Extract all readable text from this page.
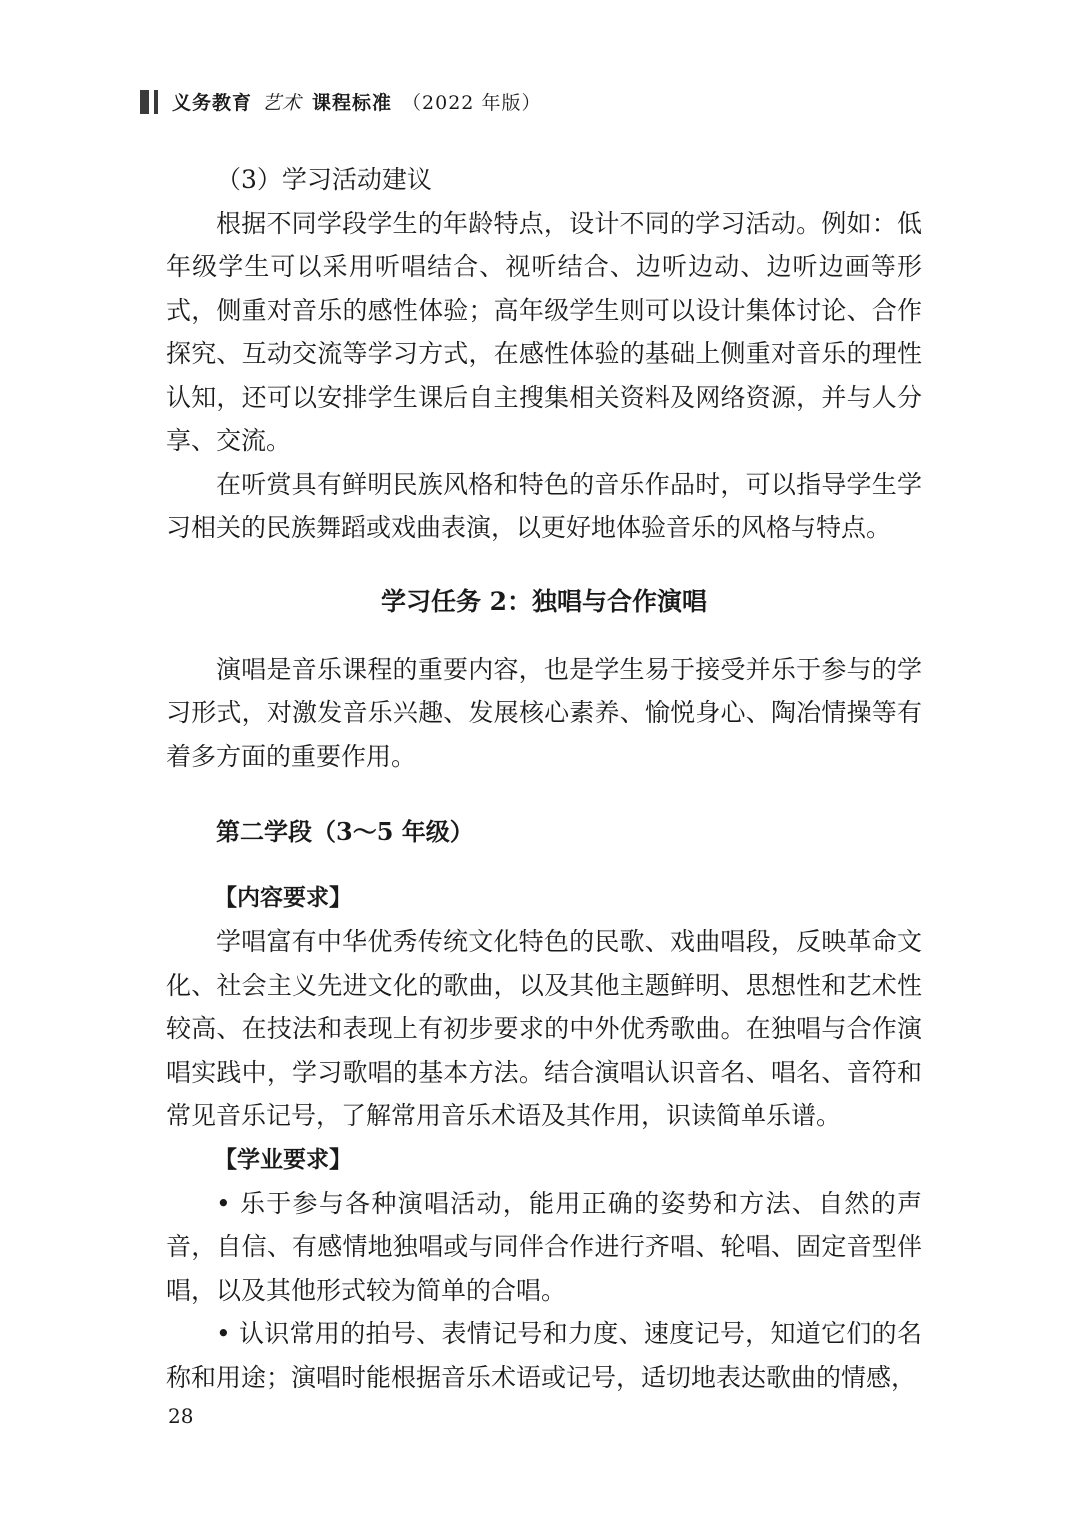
义务教育 艺术 课程标准 （2022 年版）

（3）学习活动建议

根据不同学段学生的年龄特点，设计不同的学习活动。例如：低年级学生可以采用听唱结合、视听结合、边听边动、边听边画等形式，侧重对音乐的感性体验；高年级学生则可以设计集体讨论、合作探究、互动交流等学习方式，在感性体验的基础上侧重对音乐的理性认知，还可以安排学生课后自主搜集相关资料及网络资源，并与人分享、交流。

在听赏具有鲜明民族风格和特色的音乐作品时，可以指导学生学习相关的民族舞蹈或戏曲表演，以更好地体验音乐的风格与特点。

学习任务 2：独唱与合作演唱

演唱是音乐课程的重要内容，也是学生易于接受并乐于参与的学习形式，对激发音乐兴趣、发展核心素养、愉悦身心、陶冶情操等有着多方面的重要作用。

第二学段（3～5 年级）
【内容要求】

学唱富有中华优秀传统文化特色的民歌、戏曲唱段，反映革命文化、社会主义先进文化的歌曲，以及其他主题鲜明、思想性和艺术性较高、在技法和表现上有初步要求的中外优秀歌曲。在独唱与合作演唱实践中，学习歌唱的基本方法。结合演唱认识音名、唱名、音符和常见音乐记号，了解常用音乐术语及其作用，识读简单乐谱。

【学业要求】

• 乐于参与各种演唱活动，能用正确的姿势和方法、自然的声音，自信、有感情地独唱或与同伴合作进行齐唱、轮唱、固定音型伴唱，以及其他形式较为简单的合唱。

• 认识常用的拍号、表情记号和力度、速度记号，知道它们的名称和用途；演唱时能根据音乐术语或记号，适切地表达歌曲的情感，

28
